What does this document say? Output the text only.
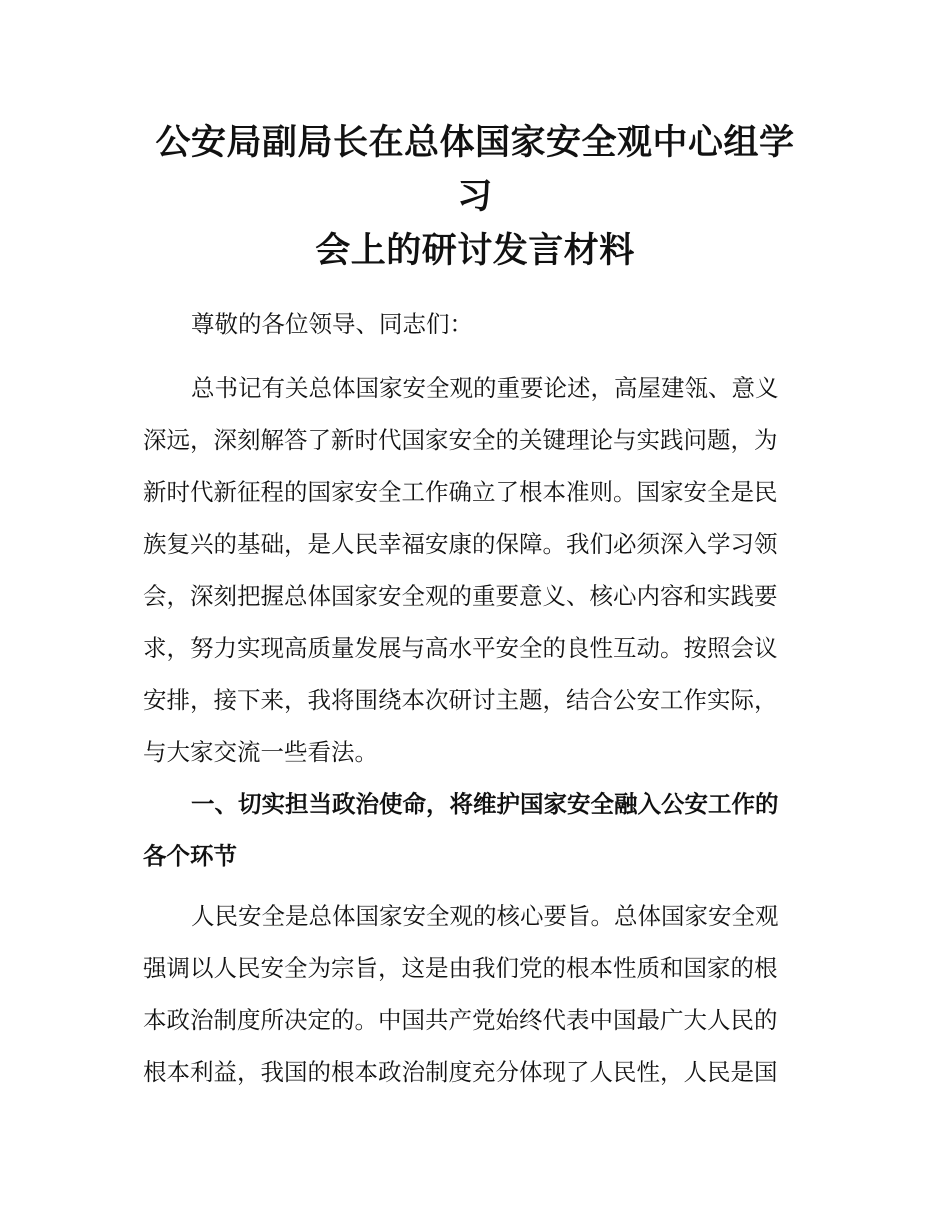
公安局副局长在总体国家安全观中心组学习
会上的研讨发言材料

尊敬的各位领导、同志们：

总书记有关总体国家安全观的重要论述，高屋建瓴、意义
深远，深刻解答了新时代国家安全的关键理论与实践问题，为
新时代新征程的国家安全工作确立了根本准则。国家安全是民
族复兴的基础，是人民幸福安康的保障。我们必须深入学习领
会，深刻把握总体国家安全观的重要意义、核心内容和实践要
求，努力实现高质量发展与高水平安全的良性互动。按照会议
安排，接下来，我将围绕本次研讨主题，结合公安工作实际，
与大家交流一些看法。

一、切实担当政治使命，将维护国家安全融入公安工作的
各个环节

人民安全是总体国家安全观的核心要旨。总体国家安全观
强调以人民安全为宗旨，这是由我们党的根本性质和国家的根
本政治制度所决定的。中国共产党始终代表中国最广大人民的
根本利益，我国的根本政治制度充分体现了人民性，人民是国
